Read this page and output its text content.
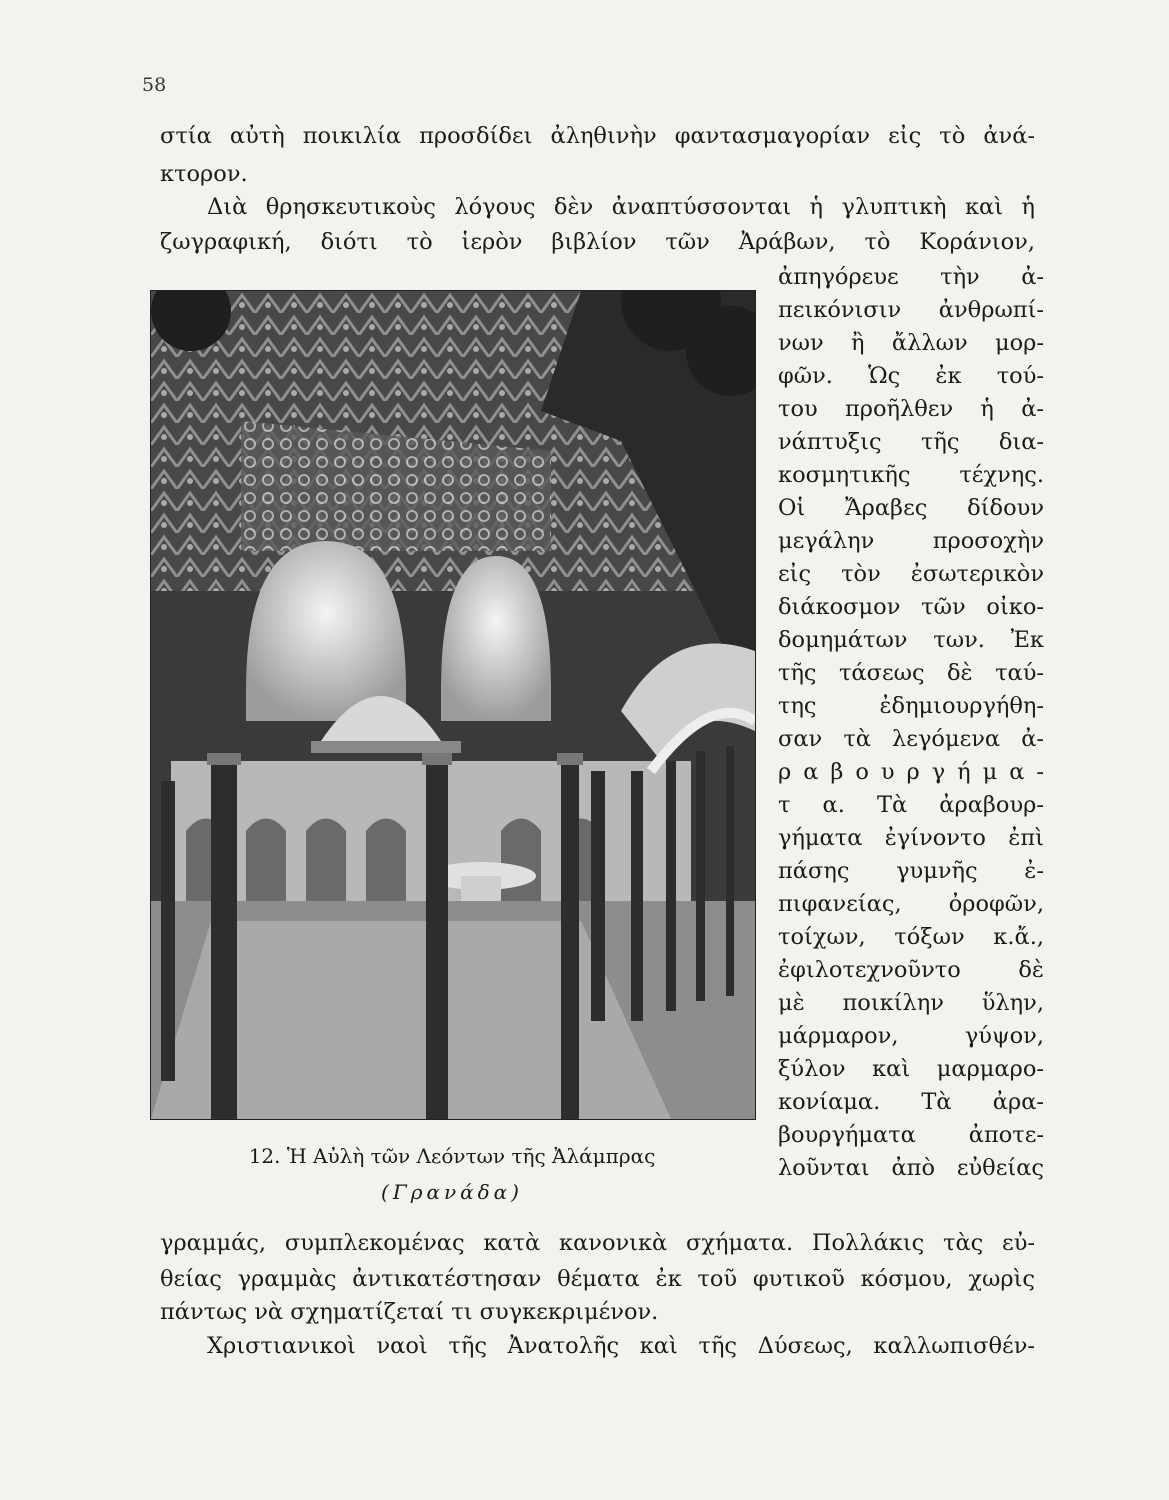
58
στία αὐτὴ ποικιλία προσδίδει ἀληθινὴν φαντασμαγορίαν εἰς τὸ ἀνά-
κτορον.
Διὰ θρησκευτικοὺς λόγους δὲν ἀναπτύσσονται ἡ γλυπτικὴ καὶ ἡ
ζωγραφική, διότι τὸ ἱερὸν βιβλίον τῶν Ἀράβων, τὸ Κοράνιον,
ἀπηγόρευε τὴν ἀ-
πεικόνισιν ἀνθρωπί-
νων ἢ ἄλλων μορ-
φῶν. Ὡς ἐκ τού-
του προῆλθεν ἡ ἀ-
νάπτυξις τῆς δια-
κοσμητικῆς τέχνης.
Οἱ Ἄραβες δίδουν
μεγάλην προσοχὴν
εἰς τὸν ἐσωτερικὸν
διάκοσμον τῶν οἰκο-
δομημάτων των. Ἐκ
τῆς τάσεως δὲ ταύ-
της ἐδημιουργήθη-
σαν τὰ λεγόμενα ἀ-
ρ α β ο υ ρ γ ή μ α -
τ α. Τὰ ἀραβουρ-
γήματα ἐγίνοντο ἐπὶ
πάσης γυμνῆς ἐ-
πιφανείας, ὀροφῶν,
τοίχων, τόξων κ.ἄ.,
ἐφιλοτεχνοῦντο δὲ
μὲ ποικίλην ὕλην,
μάρμαρον, γύψον,
ξύλον καὶ μαρμαρο-
κονίαμα. Τὰ ἀρα-
βουργήματα ἀποτε-
λοῦνται ἀπὸ εὐθείας
12. Ἡ Αὐλὴ τῶν Λεόντων τῆς Ἀλάμπρας
(Γρανάδα)
γραμμάς, συμπλεκομένας κατὰ κανονικὰ σχήματα. Πολλάκις τὰς εὐ-
θείας γραμμὰς ἀντικατέστησαν θέματα ἐκ τοῦ φυτικοῦ κόσμου, χωρὶς
πάντως νὰ σχηματίζεταί τι συγκεκριμένον.
Χριστιανικοὶ ναοὶ τῆς Ἀνατολῆς καὶ τῆς Δύσεως, καλλωπισθέν-
